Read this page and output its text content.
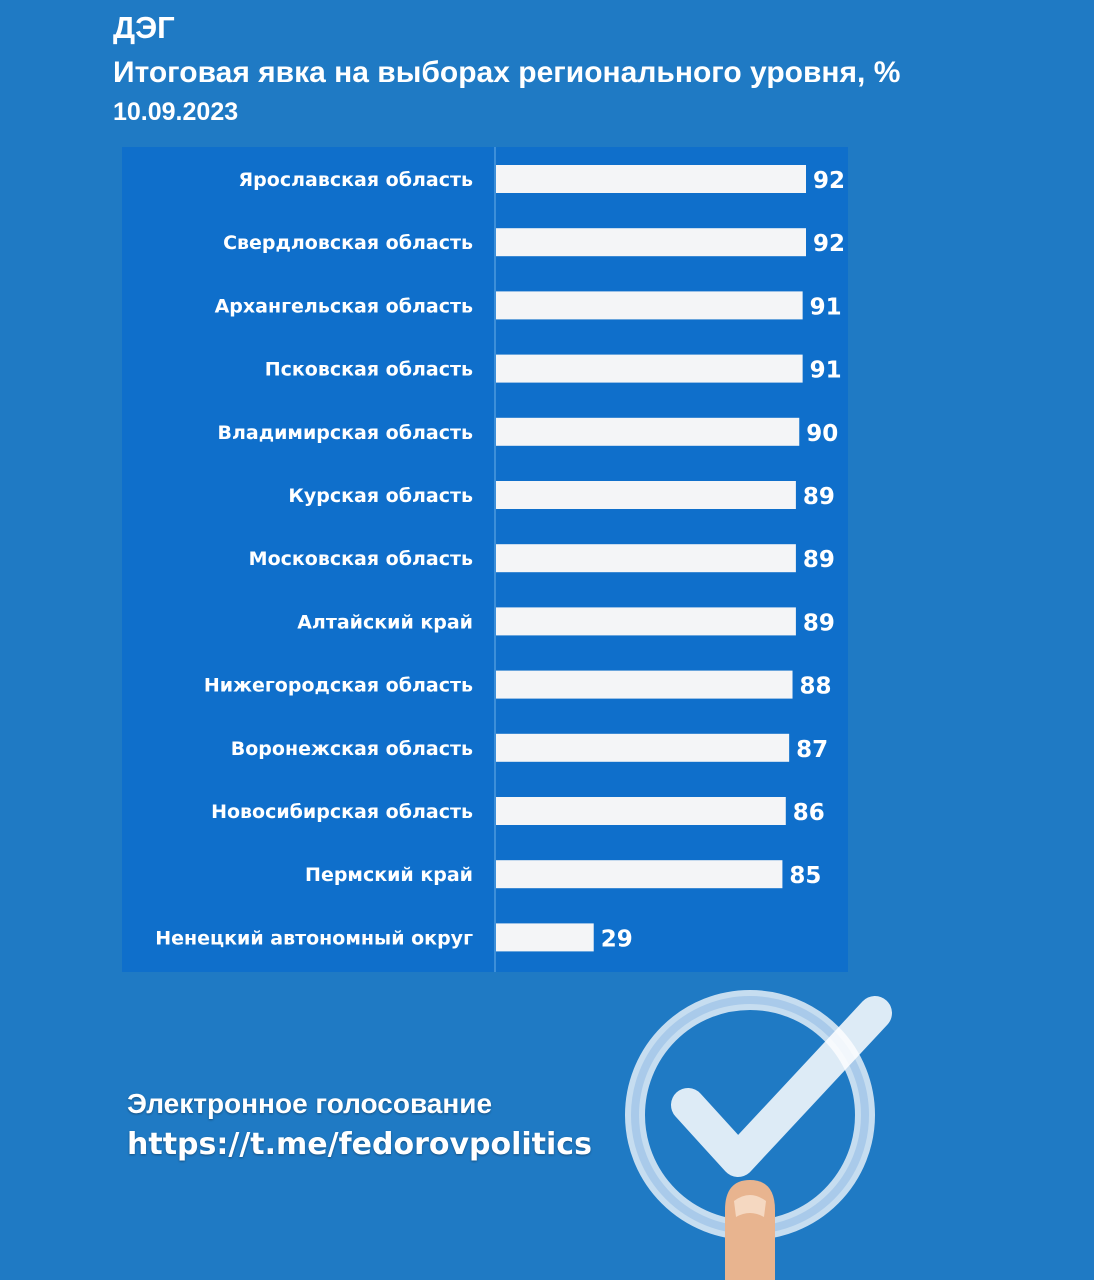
ДЭГ
Итоговая явка на выборах регионального уровня, %
10.09.2023
Ярославская область	92
Свердловская область	92
Архангельская область	91
Псковская область	91
Владимирская область	90
Курская область	89
Московская область	89
Алтайский край	89
Нижегородская область	88
Воронежская область	87
Новосибирская область	86
Пермский край	85
Ненецкий автономный округ	29
Электронное голосование
https://t.me/fedorovpolitics
